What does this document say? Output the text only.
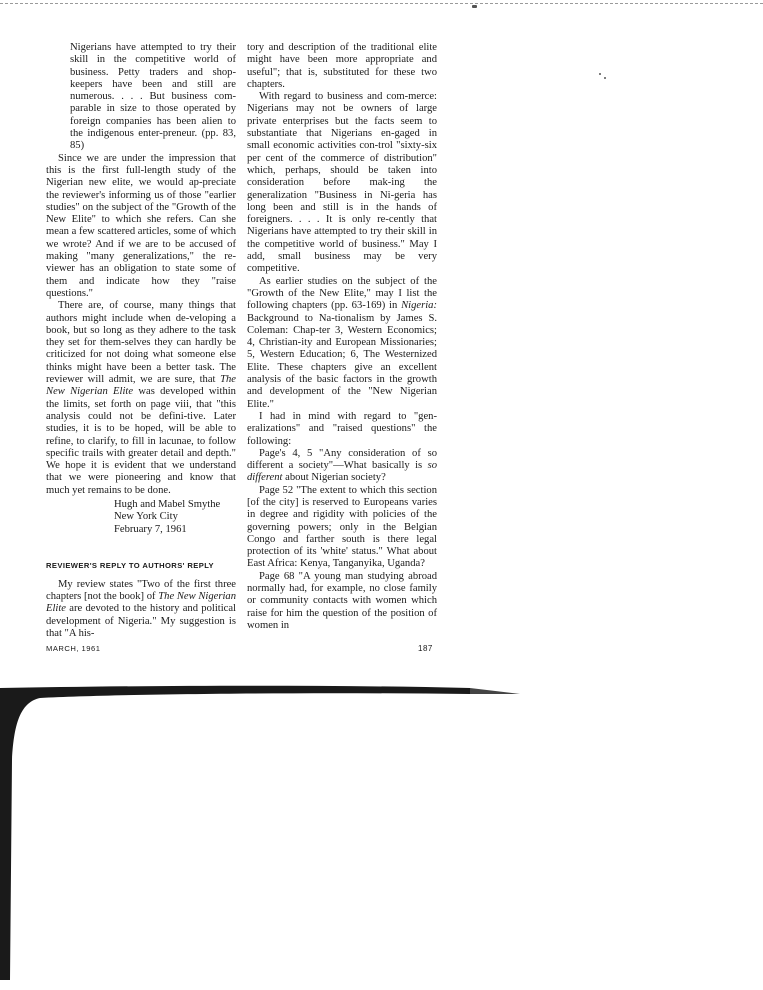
Nigerians have attempted to try their skill in the competitive world of business. Petty traders and shop-keepers have been and still are numerous. . . . But business com-parable in size to those operated by foreign companies has been alien to the indigenous enter-preneur. (pp. 83, 85)

Since we are under the impression that this is the first full-length study of the Nigerian new elite, we would ap-preciate the reviewer's informing us of those "earlier studies" on the subject of the "Growth of the New Elite" to which she refers. Can she mean a few scattered articles, some of which we wrote? And if we are to be accused of making "many generalizations," the re-viewer has an obligation to state some of them and indicate how they "raise questions."

There are, of course, many things that authors might include when de-veloping a book, but so long as they adhere to the task they set for them-selves they can hardly be criticized for not doing what someone else thinks might have been a better task. The reviewer will admit, we are sure, that The New Nigerian Elite was developed within the limits, set forth on page viii, that "this analysis could not be defini-tive. Later studies, it is to be hoped, will be able to refine, to clarify, to fill in lacunae, to follow specific trails with greater detail and depth." We hope it is evident that we understand that we were pioneering and know that much yet remains to be done.

Hugh and Mabel Smythe
New York City
February 7, 1961

REVIEWER'S REPLY TO AUTHORS' REPLY

My review states "Two of the first three chapters [not the book] of The New Nigerian Elite are devoted to the history and political development of Nigeria." My suggestion is that "A his-

tory and description of the traditional elite might have been more appropriate and useful"; that is, substituted for these two chapters.

With regard to business and com-merce: Nigerians may not be owners of large private enterprises but the facts seem to substantiate that Nigerians en-gaged in small economic activities con-trol "sixty-six per cent of the commerce of distribution" which, perhaps, should be taken into consideration before mak-ing the generalization "Business in Ni-geria has long been and still is in the hands of foreigners. . . . It is only re-cently that Nigerians have attempted to try their skill in the competitive world of business." May I add, small business may be very competitive.

As earlier studies on the subject of the "Growth of the New Elite," may I list the following chapters (pp. 63-169) in Nigeria: Background to Na-tionalism by James S. Coleman: Chap-ter 3, Western Economics; 4, Christian-ity and European Missionaries; 5, Western Education; 6, The Westernized Elite. These chapters give an excellent analysis of the basic factors in the growth and development of the "New Nigerian Elite."

I had in mind with regard to "gen-eralizations" and "raised questions" the following:

Page's 4, 5 "Any consideration of so different a society"—What basically is so different about Nigerian society?

Page 52 "The extent to which this section [of the city] is reserved to Europeans varies in degree and rigidity with policies of the governing powers; only in the Belgian Congo and farther south is there legal protection of its 'white' status." What about East Africa: Kenya, Tanganyika, Uganda?

Page 68 "A young man studying abroad normally had, for example, no close family or community contacts with women which raise for him the question of the position of women in

MARCH, 1961	187
